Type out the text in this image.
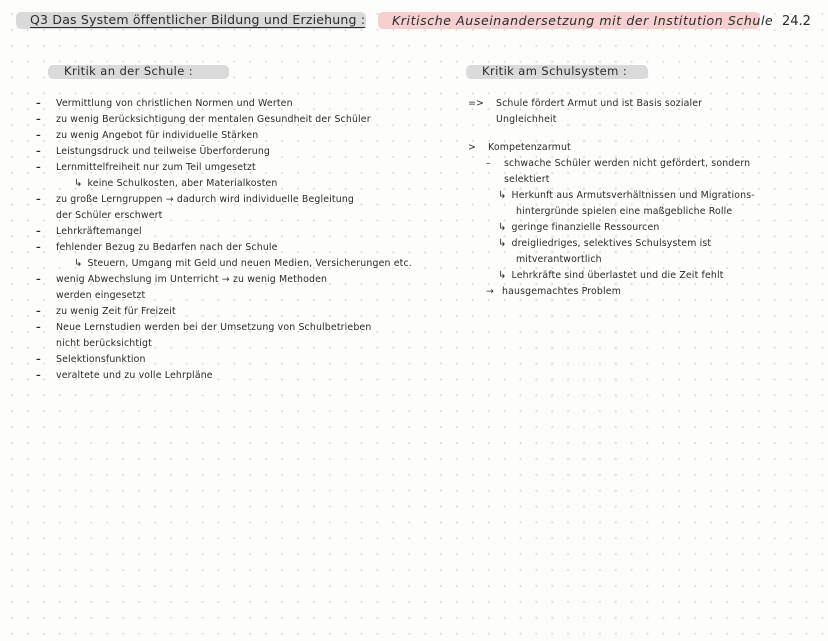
Q3 Das System öffentlicher Bildung und Erziehung : Kritische Auseinandersetzung mit der Institution Schule 24.2
Kritik an der Schule :	Kritik am Schulsystem :
– Vermittlung von christlichen Normen und Werten
– zu wenig Berücksichtigung der mentalen Gesundheit der Schüler
– zu wenig Angebot für individuelle Stärken
– Leistungsdruck und teilweise Überforderung
– Lernmittelfreiheit nur zum Teil umgesetzt
↳ keine Schulkosten, aber Materialkosten
– zu große Lerngruppen → dadurch wird individuelle Begleitung
der Schüler erschwert
– Lehrkräftemangel
– fehlender Bezug zu Bedarfen nach der Schule
↳ Steuern, Umgang mit Geld und neuen Medien, Versicherungen etc.
– wenig Abwechslung im Unterricht → zu wenig Methoden
werden eingesetzt
– zu wenig Zeit für Freizeit
– Neue Lernstudien werden bei der Umsetzung von Schulbetrieben
nicht berücksichtigt
– Selektionsfunktion
– veraltete und zu volle Lehrpläne
=> Schule fördert Armut und ist Basis sozialer
Ungleichheit
> Kompetenzarmut
– schwache Schüler werden nicht gefördert, sondern
selektiert
↳ Herkunft aus Armutsverhältnissen und Migrations-
hintergründe spielen eine maßgebliche Rolle
↳ geringe finanzielle Ressourcen
↳ dreigliedriges, selektives Schulsystem ist
mitverantwortlich
↳ Lehrkräfte sind überlastet und die Zeit fehlt
→ hausgemachtes Problem
